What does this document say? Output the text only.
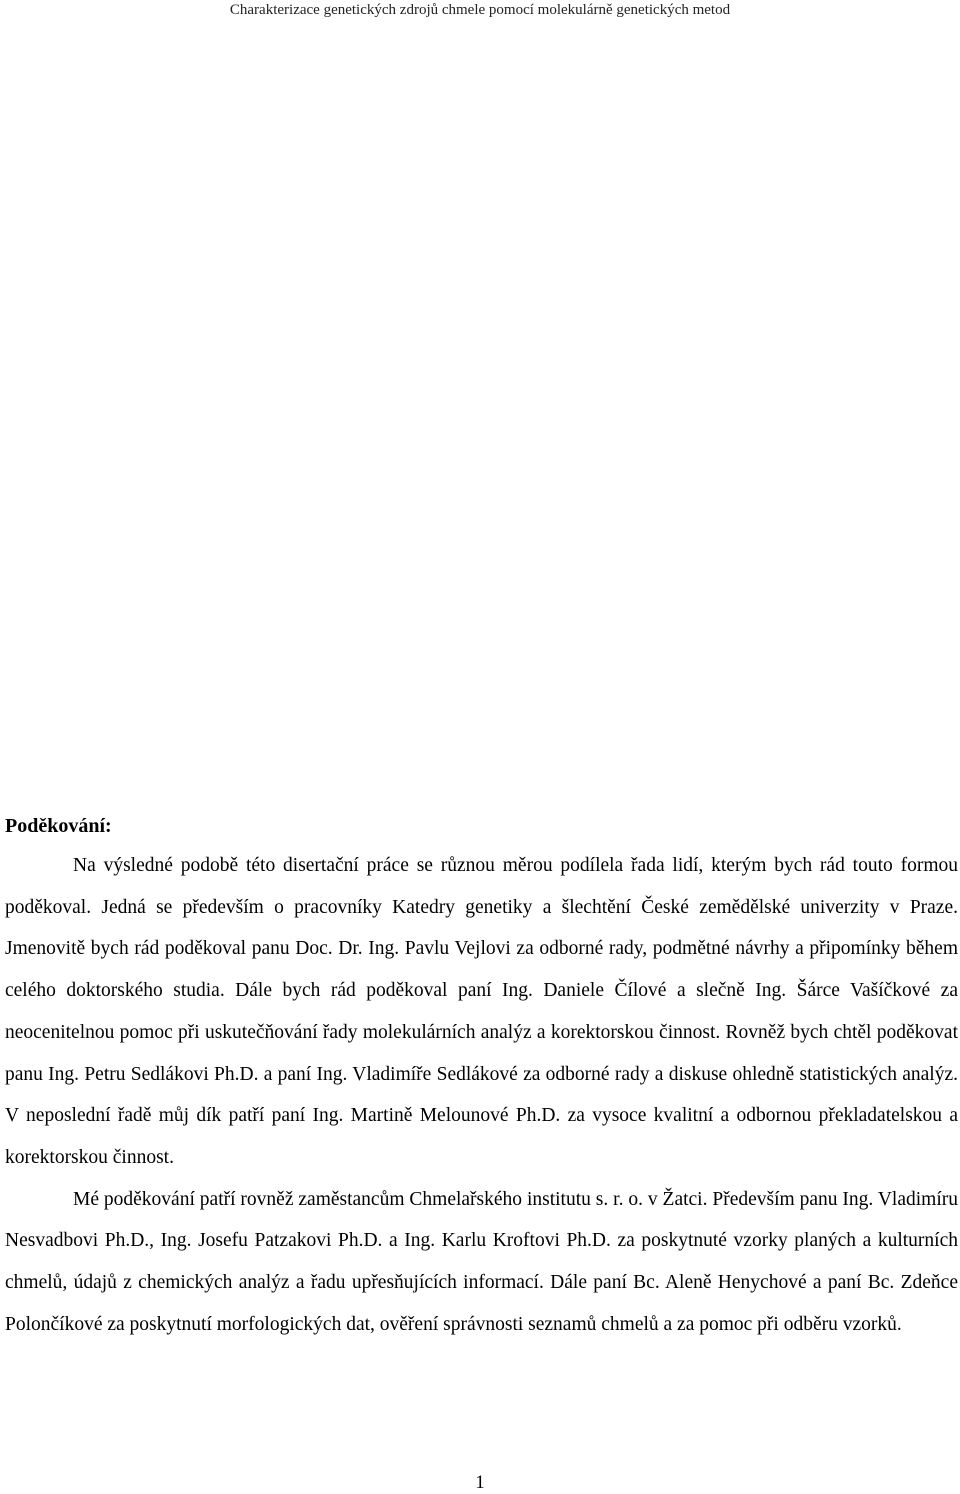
Charakterizace genetických zdrojů chmele pomocí molekulárně genetických metod
Poděkování:

Na výsledné podobě této disertační práce se různou měrou podílela řada lidí, kterým bych rád touto formou poděkoval. Jedná se především o pracovníky Katedry genetiky a šlechtění České zemědělské univerzity v Praze. Jmenovitě bych rád poděkoval panu Doc. Dr. Ing. Pavlu Vejlovi za odborné rady, podmětné návrhy a připomínky během celého doktorského studia. Dále bych rád poděkoval paní Ing. Daniele Čílové a slečně Ing. Šárce Vašíčkové za neocenitelnou pomoc při uskutečňování řady molekulárních analýz a korektorskou činnost. Rovněž bych chtěl poděkovat panu Ing. Petru Sedlákovi Ph.D. a paní Ing. Vladimíře Sedlákové za odborné rady a diskuse ohledně statistických analýz. V neposlední řadě můj dík patří paní Ing. Martině Melounové Ph.D. za vysoce kvalitní a odbornou překladatelskou a korektorskou činnost.

Mé poděkování patří rovněž zaměstancům Chmelařského institutu s. r. o. v Žatci. Především panu Ing. Vladimíru Nesvadbovi Ph.D., Ing. Josefu Patzakovi Ph.D. a Ing. Karlu Kroftovi Ph.D. za poskytnuté vzorky planých a kulturních chmelů, údajů z chemických analýz a řadu upřesňujících informací. Dále paní Bc. Aleně Henychové a paní Bc. Zdeňce Polončíkové za poskytnutí morfologických dat, ověření správnosti seznamů chmelů a za pomoc při odběru vzorků.

1
